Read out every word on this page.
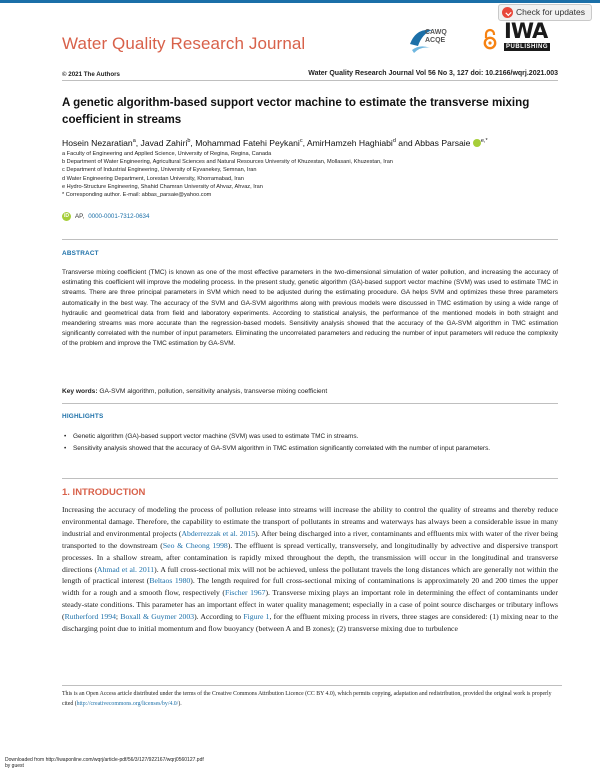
Check for updates
Water Quality Research Journal
CAWQ
ACQE	IWA
PUBLISHING
© 2021 The Authors	Water Quality Research Journal Vol 56 No 3, 127 doi: 10.2166/wqrj.2021.003
A genetic algorithm-based support vector machine to estimate the transverse mixing coefficient in streams
Hosein Nezaratian$^a$, Javad Zahiri$^b$, Mohammad Fatehi Peykani$^c$, AmirHamzeh Haghiabi$^d$ and Abbas Parsaie $^{e,*}$
a Faculty of Engineering and Applied Science, University of Regina, Regina, Canada
b Department of Water Engineering, Agricultural Sciences and Natural Resources University of Khuzestan, Mollasani, Khuzestan, Iran
c Department of Industrial Engineering, University of Eyvanekey, Semnan, Iran
d Water Engineering Department, Lorestan University, Khorramabad, Iran
e Hydro-Structure Engineering, Shahid Chamran University of Ahvaz, Ahvaz, Iran
* Corresponding author. E-mail: abbas_parsaie@yahoo.com
iD AP, 0000-0001-7312-0634
ABSTRACT
Transverse mixing coefficient (TMC) is known as one of the most effective parameters in the two-dimensional simulation of water pollution, and increasing the accuracy of estimating this coefficient will improve the modeling process. In the present study, genetic algorithm (GA)-based support vector machine (SVM) was used to estimate TMC in streams. There are three principal parameters in SVM which need to be adjusted during the estimating procedure. GA helps SVM and optimizes these three parameters automatically in the best way. The accuracy of the SVM and GA-SVM algorithms along with previous models were discussed in TMC estimation by using a wide range of hydraulic and geometrical data from field and laboratory experiments. According to statistical analysis, the performance of the mentioned models in both straight and meandering streams was more accurate than the regression-based models. Sensitivity analysis showed that the accuracy of the GA-SVM algorithm in TMC estimation significantly correlated with the number of input parameters. Eliminating the uncorrelated parameters and reducing the number of input parameters will reduce the complexity of the problem and improve the TMC estimation by GA-SVM.
Key words: GA-SVM algorithm, pollution, sensitivity analysis, transverse mixing coefficient
HIGHLIGHTS
• Genetic algorithm (GA)-based support vector machine (SVM) was used to estimate TMC in streams.
• Sensitivity analysis showed that the accuracy of GA-SVM algorithm in TMC estimation significantly correlated with the number of input parameters.
1. INTRODUCTION
Increasing the accuracy of modeling the process of pollution release into streams will increase the ability to control the quality of streams and thereby reduce environmental damage. Therefore, the capability to estimate the transport of pollutants in streams and waterways has always been a considerable issue in many industrial and environmental projects (Abderrezzak et al. 2015). After being discharged into a river, contaminants and effluents mix with water of the river being transported to the downstream (Seo & Cheong 1998). The effluent is spread vertically, transversely, and longitudinally by advective and dispersive transport processes. In a shallow stream, after contamination is rapidly mixed throughout the depth, the transmission will occur in the longitudinal and transverse directions (Ahmad et al. 2011). A full cross-sectional mix will not be achieved, unless the pollutant travels the long distances which are generally not within the length of practical interest (Beltaos 1980). The length required for full cross-sectional mixing of contaminations is approximately 20 and 200 times the upper width for a rough and a smooth flow, respectively (Fischer 1967). Transverse mixing plays an important role in determining the effect of contaminants under steady-state conditions. This parameter has an important effect in water quality management; especially in a case of point source discharges or tributary inflows (Rutherford 1994; Boxall & Guymer 2003). According to Figure 1, for the effluent mixing process in rivers, three stages are considered: (1) mixing near to the discharging point due to initial momentum and flow buoyancy (between A and B zones); (2) transverse mixing due to turbulence
This is an Open Access article distributed under the terms of the Creative Commons Attribution Licence (CC BY 4.0), which permits copying, adaptation and redistribution, provided the original work is properly cited (http://creativecommons.org/licenses/by/4.0/).
Downloaded from http://iwaponline.com/wqrj/article-pdf/56/3/127/922167/wqrj0560127.pdf
by guest
